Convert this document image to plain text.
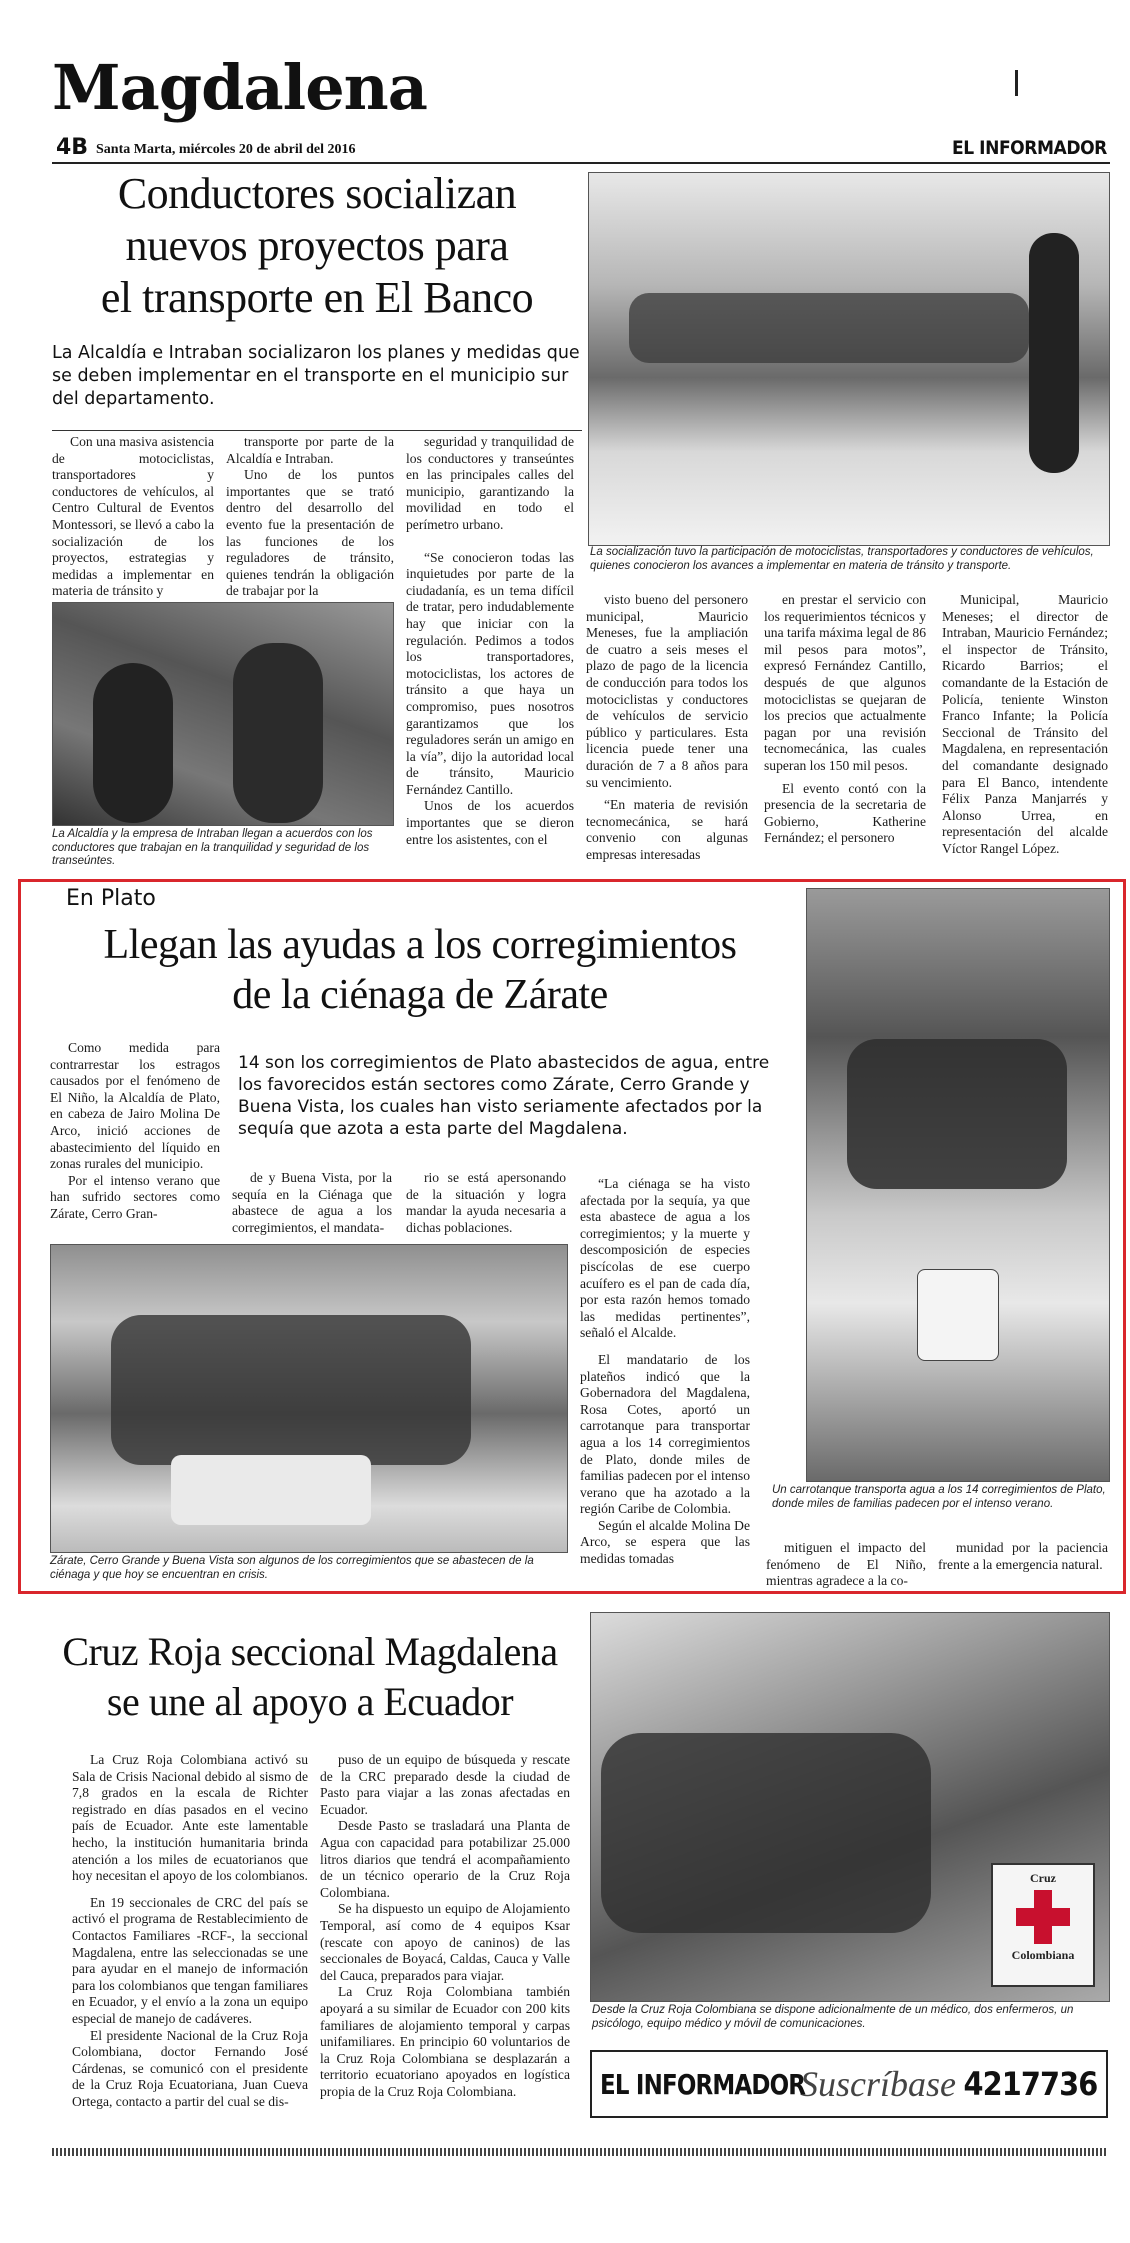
Magdalena
4B Santa Marta, miércoles 20 de abril del 2016	EL INFORMADOR
Conductores socializan
nuevos proyectos para
el transporte en El Banco
La Alcaldía e Intraban socializaron los planes y medidas que se deben implementar en el transporte en el municipio sur del departamento.

Con una masiva asistencia de motociclistas, transportadores y conductores de vehículos, al Centro Cultural de Eventos Montessori, se llevó a cabo la socialización de los proyectos, estrategias y medidas a implementar en materia de tránsito y

transporte por parte de la Alcaldía e Intraban.

Uno de los puntos importantes que se trató dentro del desarrollo del evento fue la presentación de las funciones de los reguladores de tránsito, quienes tendrán la obligación de trabajar por la

seguridad y tranquilidad de los conductores y transeúntes en las principales calles del municipio, garantizando la movilidad en todo el perímetro urbano.

“Se conocieron todas las inquietudes por parte de la ciudadanía, es un tema difícil de tratar, pero indudablemente hay que iniciar con la regulación. Pedimos a todos los transportadores, motociclistas, los actores de tránsito a que haya un compromiso, pues nosotros garantizamos que los reguladores serán un amigo en la vía”, dijo la autoridad local de tránsito, Mauricio Fernández Cantillo.

Unos de los acuerdos importantes que se dieron entre los asistentes, con el

La socialización tuvo la participación de motociclistas, transportadores y conductores de vehículos, quienes conocieron los avances a implementar en materia de tránsito y transporte.
La Alcaldía y la empresa de Intraban llegan a acuerdos con los conductores que trabajan en la tranquilidad y seguridad de los transeúntes.

visto bueno del personero municipal, Mauricio Meneses, fue la ampliación de cuatro a seis meses el plazo de pago de la licencia de conducción para todos los motociclistas y conductores de vehículos de servicio público y particulares. Esta licencia puede tener una duración de 7 a 8 años para su vencimiento.

“En materia de revisión tecnomecánica, se hará convenio con algunas empresas interesadas

en prestar el servicio con los requerimientos técnicos y una tarifa máxima legal de 86 mil pesos para motos”, expresó Fernández Cantillo, después de que algunos motociclistas se quejaran de los precios que actualmente pagan por una revisión tecnomecánica, las cuales superan los 150 mil pesos.

El evento contó con la presencia de la secretaria de Gobierno, Katherine Fernández; el personero

Municipal, Mauricio Meneses; el director de Intraban, Mauricio Fernández; el inspector de Tránsito, Ricardo Barrios; el comandante de la Estación de Policía, teniente Winston Franco Infante; la Policía Seccional de Tránsito del Magdalena, en representación del comandante designado para El Banco, intendente Félix Panza Manjarrés y Alonso Urrea, en representación del alcalde Víctor Rangel López.

En Plato
Llegan las ayudas a los corregimientos
de la ciénaga de Zárate

Como medida para contrarrestar los estragos causados por el fenómeno de El Niño, la Alcaldía de Plato, en cabeza de Jairo Molina De Arco, inició acciones de abastecimiento del líquido en zonas rurales del municipio.

Por el intenso verano que han sufrido sectores como Zárate, Cerro Gran-

14 son los corregimientos de Plato abastecidos de agua, entre los favorecidos están sectores como Zárate, Cerro Grande y Buena Vista, los cuales han visto seriamente afectados por la sequía que azota a esta parte del Magdalena.

de y Buena Vista, por la sequía en la Ciénaga que abastece de agua a los corregimientos, el mandata-

rio se está apersonando de la situación y logra mandar la ayuda necesaria a dichas poblaciones.

Zárate, Cerro Grande y Buena Vista son algunos de los corregimientos que se abastecen de la ciénaga y que hoy se encuentran en crisis.

“La ciénaga se ha visto afectada por la sequía, ya que esta abastece de agua a los corregimientos; y la muerte y descomposición de especies piscícolas de ese cuerpo acuífero es el pan de cada día, por esta razón hemos tomado las medidas pertinentes”, señaló el Alcalde.

El mandatario de los plateños indicó que la Gobernadora del Magdalena, Rosa Cotes, aportó un carrotanque para transportar agua a los 14 corregimientos de Plato, donde miles de familias padecen por el intenso verano que ha azotado a la región Caribe de Colombia.

Según el alcalde Molina De Arco, se espera que las medidas tomadas

mitiguen el impacto del fenómeno de El Niño, mientras agradece a la co-

munidad por la paciencia frente a la emergencia natural.

Un carrotanque transporta agua a los 14 corregimientos de Plato, donde miles de familias padecen por el intenso verano.
Cruz Roja seccional Magdalena
se une al apoyo a Ecuador

La Cruz Roja Colombiana activó su Sala de Crisis Nacional debido al sismo de 7,8 grados en la escala de Richter registrado en días pasados en el vecino país de Ecuador. Ante este lamentable hecho, la institución humanitaria brinda atención a los miles de ecuatorianos que hoy necesitan el apoyo de los colombianos.

En 19 seccionales de CRC del país se activó el programa de Restablecimiento de Contactos Familiares -RCF-, la seccional Magdalena, entre las seleccionadas se une para ayudar en el manejo de información para los colombianos que tengan familiares en Ecuador, y el envío a la zona un equipo especial de manejo de cadáveres.

El presidente Nacional de la Cruz Roja Colombiana, doctor Fernando José Cárdenas, se comunicó con el presidente de la Cruz Roja Ecuatoriana, Juan Cueva Ortega, contacto a partir del cual se dis-

puso de un equipo de búsqueda y rescate de la CRC preparado desde la ciudad de Pasto para viajar a las zonas afectadas en Ecuador.

Desde Pasto se trasladará una Planta de Agua con capacidad para potabilizar 25.000 litros diarios que tendrá el acompañamiento de un técnico operario de la Cruz Roja Colombiana.

Se ha dispuesto un equipo de Alojamiento Temporal, así como de 4 equipos Ksar (rescate con apoyo de caninos) de las seccionales de Boyacá, Caldas, Cauca y Valle del Cauca, preparados para viajar.

La Cruz Roja Colombiana también apoyará a su similar de Ecuador con 200 kits familiares de alojamiento temporal y carpas unifamiliares. En principio 60 voluntarios de la Cruz Roja Colombiana se desplazarán a territorio ecuatoriano apoyados en logística propia de la Cruz Roja Colombiana.

Cruz
Colombiana
Desde la Cruz Roja Colombiana se dispone adicionalmente de un médico, dos enfermeros, un psicólogo, equipo médico y móvil de comunicaciones.
EL INFORMADOR
Suscríbase 4217736
